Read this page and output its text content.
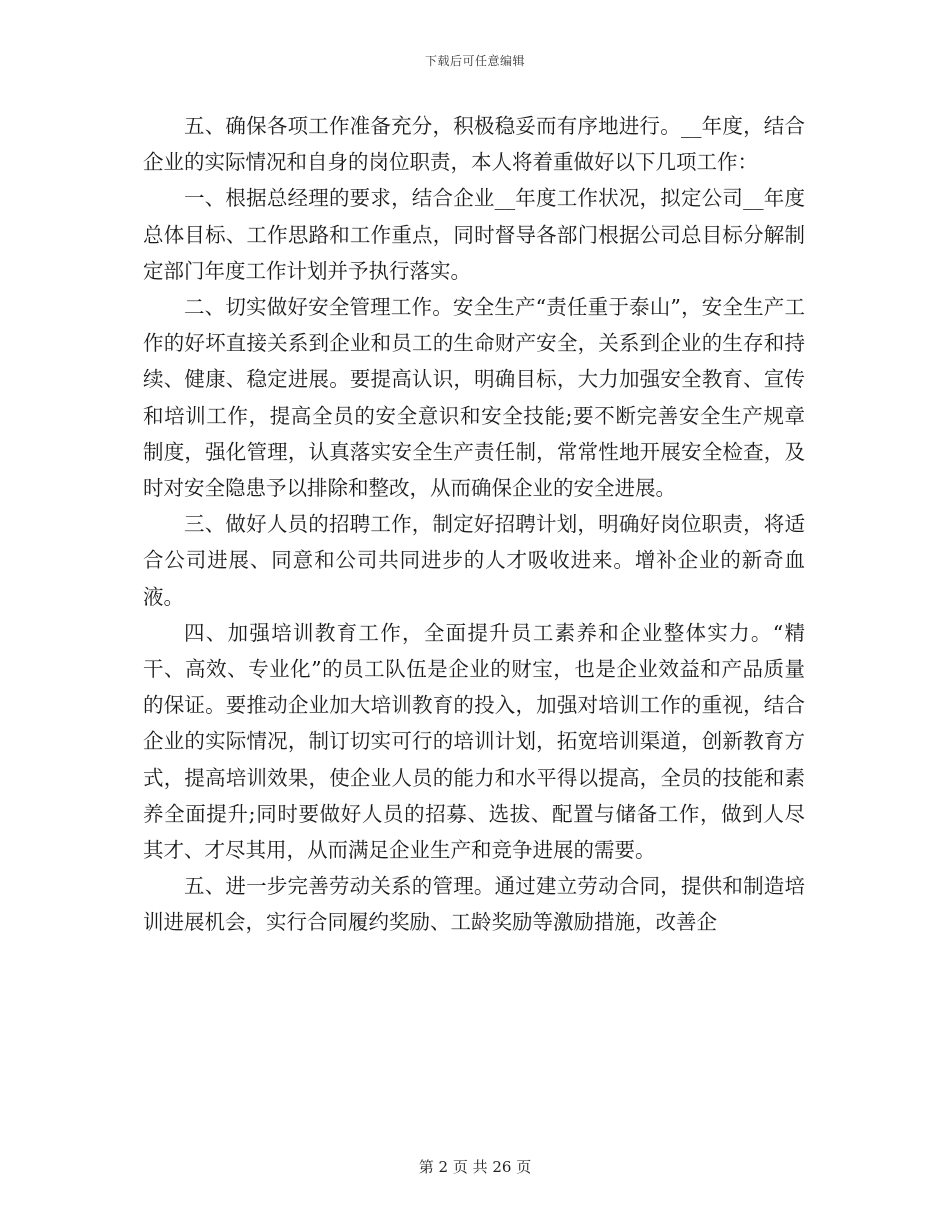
下载后可任意编辑

五、确保各项工作准备充分，积极稳妥而有序地进行。__年度，结合企业的实际情况和自身的岗位职责，本人将着重做好以下几项工作：

一、根据总经理的要求，结合企业__年度工作状况，拟定公司__年度总体目标、工作思路和工作重点，同时督导各部门根据公司总目标分解制定部门年度工作计划并予执行落实。

二、切实做好安全管理工作。安全生产“责任重于泰山”，安全生产工作的好坏直接关系到企业和员工的生命财产安全，关系到企业的生存和持续、健康、稳定进展。要提高认识，明确目标，大力加强安全教育、宣传和培训工作，提高全员的安全意识和安全技能;要不断完善安全生产规章制度，强化管理，认真落实安全生产责任制，常常性地开展安全检查，及时对安全隐患予以排除和整改，从而确保企业的安全进展。

三、做好人员的招聘工作，制定好招聘计划，明确好岗位职责，将适合公司进展、同意和公司共同进步的人才吸收进来。增补企业的新奇血液。

四、加强培训教育工作，全面提升员工素养和企业整体实力。“精干、高效、专业化”的员工队伍是企业的财宝，也是企业效益和产品质量的保证。要推动企业加大培训教育的投入，加强对培训工作的重视，结合企业的实际情况，制订切实可行的培训计划，拓宽培训渠道，创新教育方式，提高培训效果，使企业人员的能力和水平得以提高，全员的技能和素养全面提升;同时要做好人员的招募、选拔、配置与储备工作，做到人尽其才、才尽其用，从而满足企业生产和竞争进展的需要。

五、进一步完善劳动关系的管理。通过建立劳动合同，提供和制造培训进展机会，实行合同履约奖励、工龄奖励等激励措施，改善企

第 2 页 共 26 页
